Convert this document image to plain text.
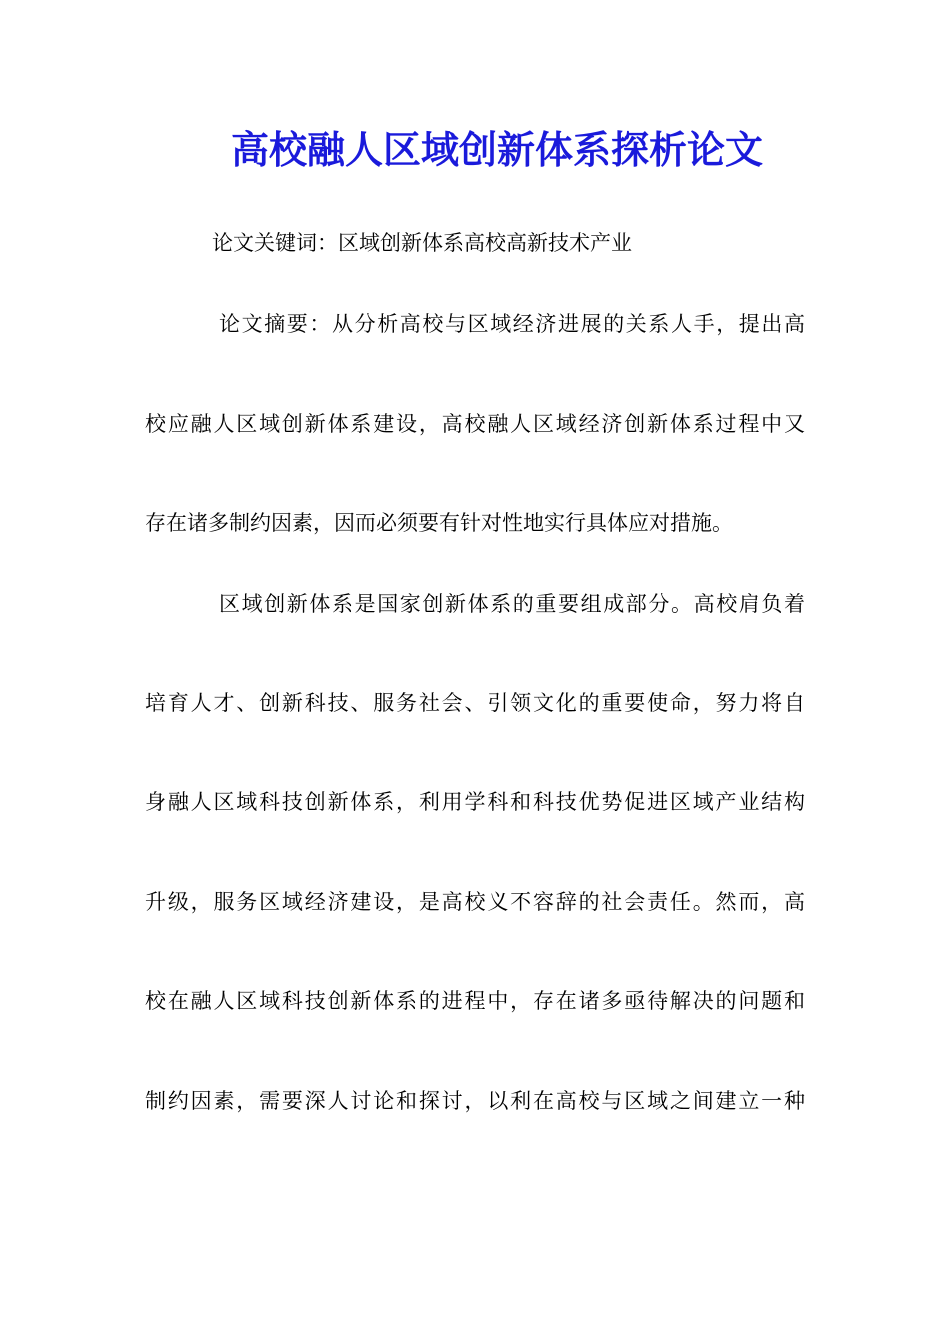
高校融人区域创新体系探析论文
论文关键词：区域创新体系高校高新技术产业
论文摘要：从分析高校与区域经济进展的关系人手，提出高
校应融人区域创新体系建设，高校融人区域经济创新体系过程中又
存在诸多制约因素，因而必须要有针对性地实行具体应对措施。
区域创新体系是国家创新体系的重要组成部分。高校肩负着
培育人才、创新科技、服务社会、引领文化的重要使命，努力将自
身融人区域科技创新体系，利用学科和科技优势促进区域产业结构
升级，服务区域经济建设，是高校义不容辞的社会责任。然而，高
校在融人区域科技创新体系的进程中，存在诸多亟待解决的问题和
制约因素，需要深人讨论和探讨，以利在高校与区域之间建立一种
